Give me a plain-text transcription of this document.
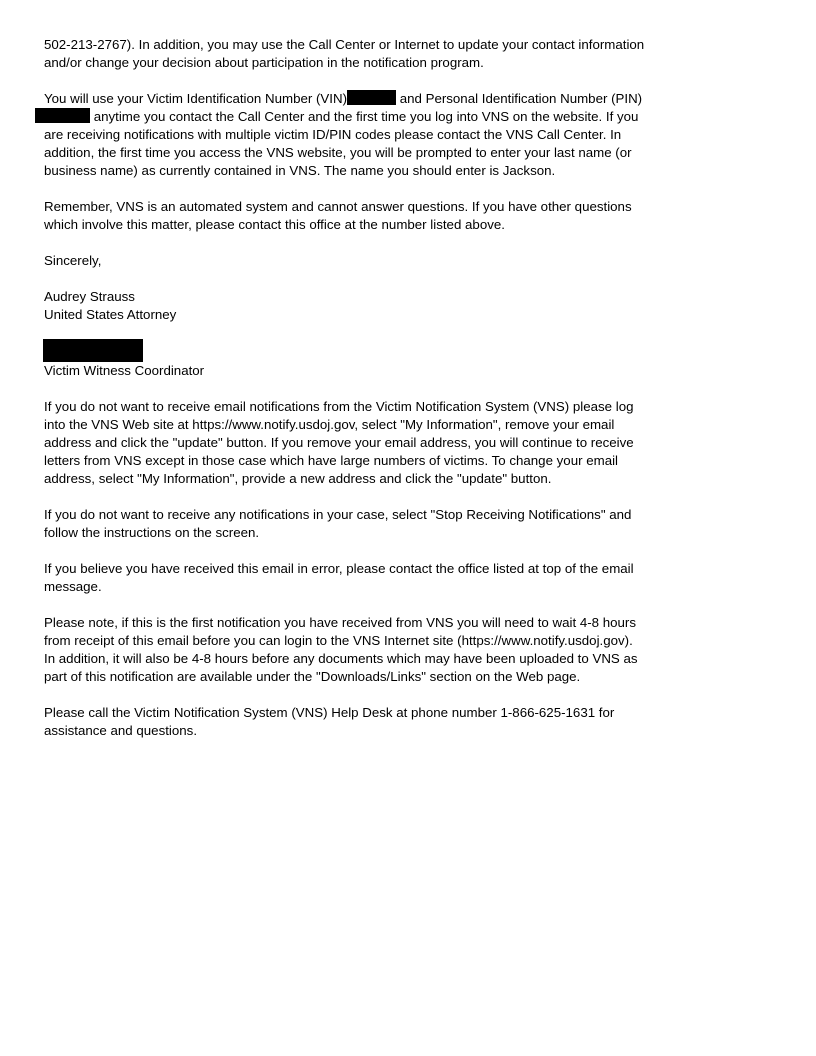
502-213-2767). In addition, you may use the Call Center or Internet to update your contact information
and/or change your decision about participation in the notification program.
You will use your Victim Identification Number (VIN)	and Personal Identification Number (PIN)
anytime you contact the Call Center and the first time you log into VNS on the website. If you
are receiving notifications with multiple victim ID/PIN codes please contact the VNS Call Center. In
addition, the first time you access the VNS website, you will be prompted to enter your last name (or
business name) as currently contained in VNS. The name you should enter is Jackson.
Remember, VNS is an automated system and cannot answer questions. If you have other questions
which involve this matter, please contact this office at the number listed above.
Sincerely,
Audrey Strauss
United States Attorney
Victim Witness Coordinator
If you do not want to receive email notifications from the Victim Notification System (VNS) please log
into the VNS Web site at https://www.notify.usdoj.gov, select "My Information", remove your email
address and click the "update" button. If you remove your email address, you will continue to receive
letters from VNS except in those case which have large numbers of victims. To change your email
address, select "My Information", provide a new address and click the "update" button.
If you do not want to receive any notifications in your case, select "Stop Receiving Notifications" and
follow the instructions on the screen.
If you believe you have received this email in error, please contact the office listed at top of the email
message.
Please note, if this is the first notification you have received from VNS you will need to wait 4-8 hours
from receipt of this email before you can login to the VNS Internet site (https://www.notify.usdoj.gov).
In addition, it will also be 4-8 hours before any documents which may have been uploaded to VNS as
part of this notification are available under the "Downloads/Links" section on the Web page.
Please call the Victim Notification System (VNS) Help Desk at phone number 1-866-625-1631 for
assistance and questions.
